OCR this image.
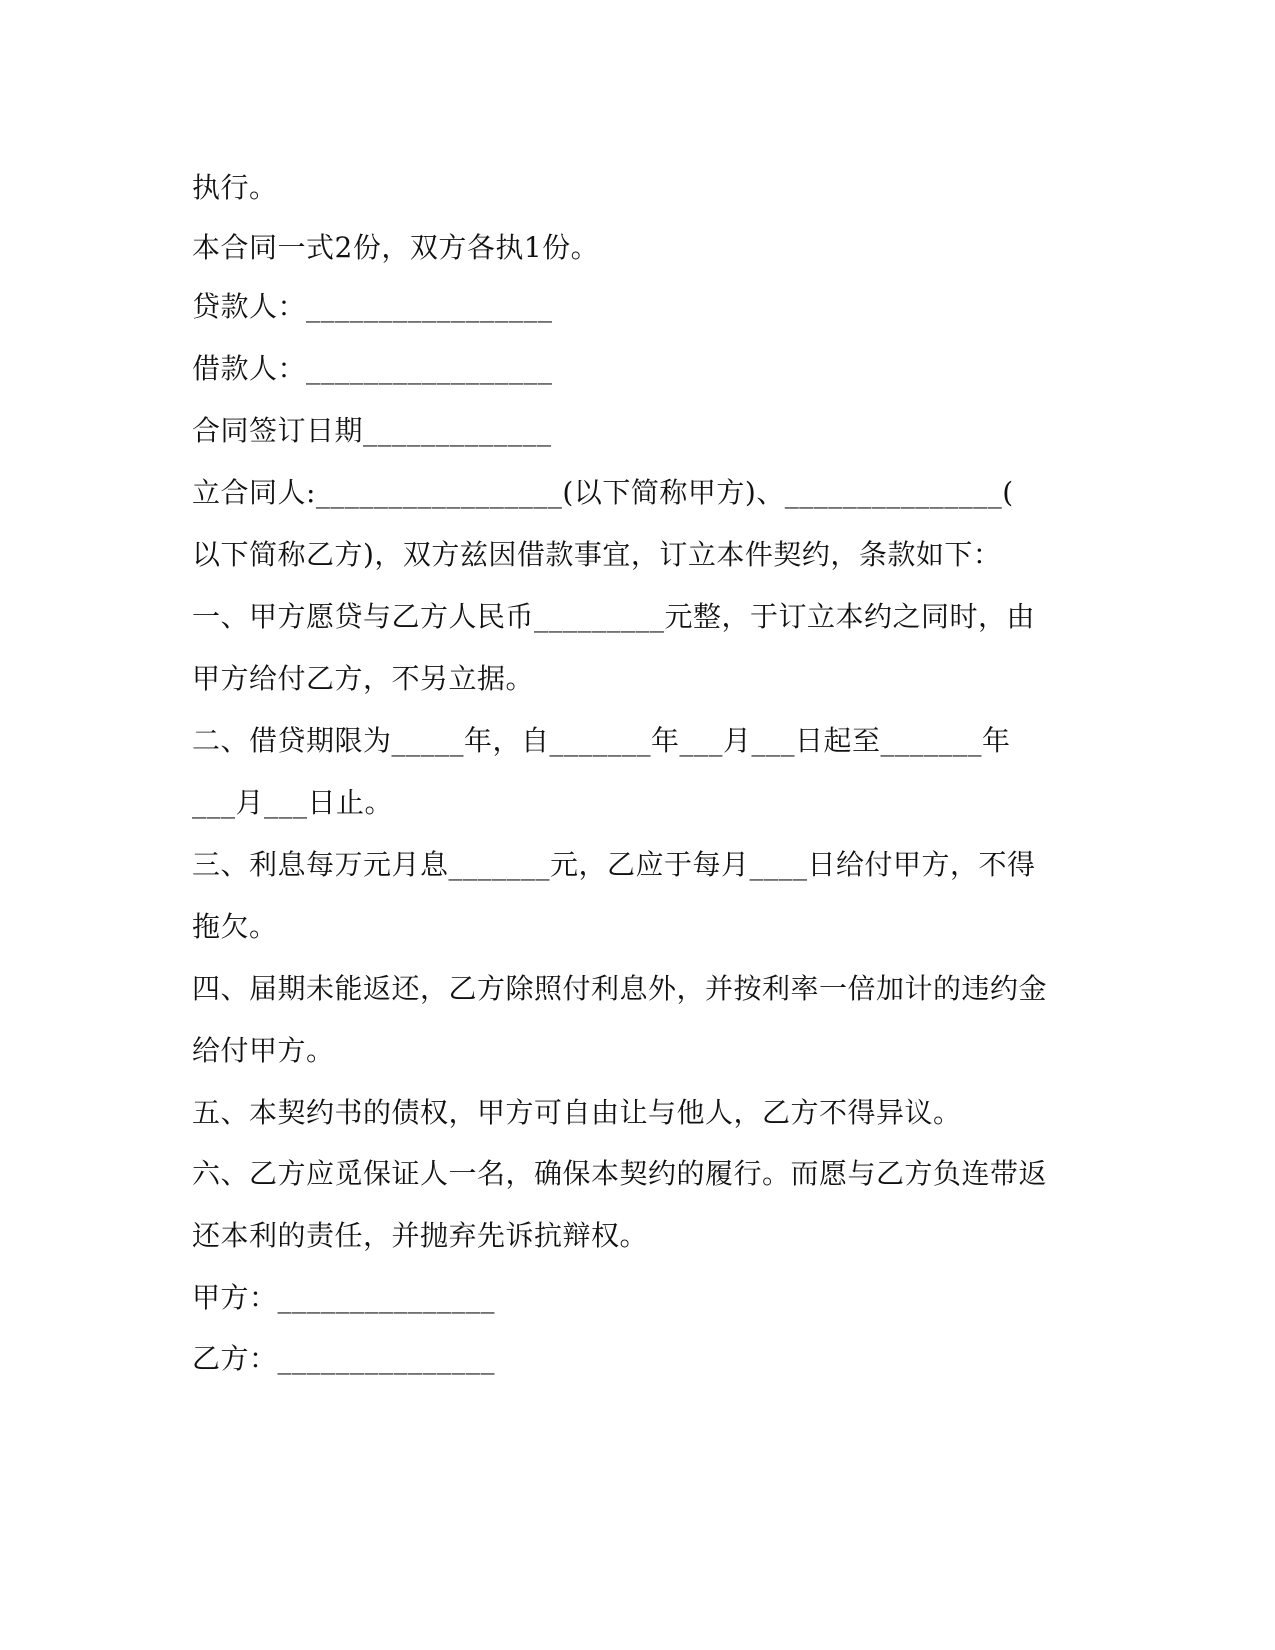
执行。
本合同一式2份，双方各执1份。
贷款人：_________________
借款人：_________________
合同签订日期_____________
立合同人:_________________(以下简称甲方)、_______________(
以下简称乙方)，双方兹因借款事宜，订立本件契约，条款如下：
一、甲方愿贷与乙方人民币_________元整，于订立本约之同时，由
甲方给付乙方，不另立据。
二、借贷期限为_____年，自_______年___月___日起至_______年
___月___日止。
三、利息每万元月息_______元，乙应于每月____日给付甲方，不得
拖欠。
四、届期未能返还，乙方除照付利息外，并按利率一倍加计的违约金
给付甲方。
五、本契约书的债权，甲方可自由让与他人，乙方不得异议。
六、乙方应觅保证人一名，确保本契约的履行。而愿与乙方负连带返
还本利的责任，并抛弃先诉抗辩权。
甲方：_______________
乙方：_______________
